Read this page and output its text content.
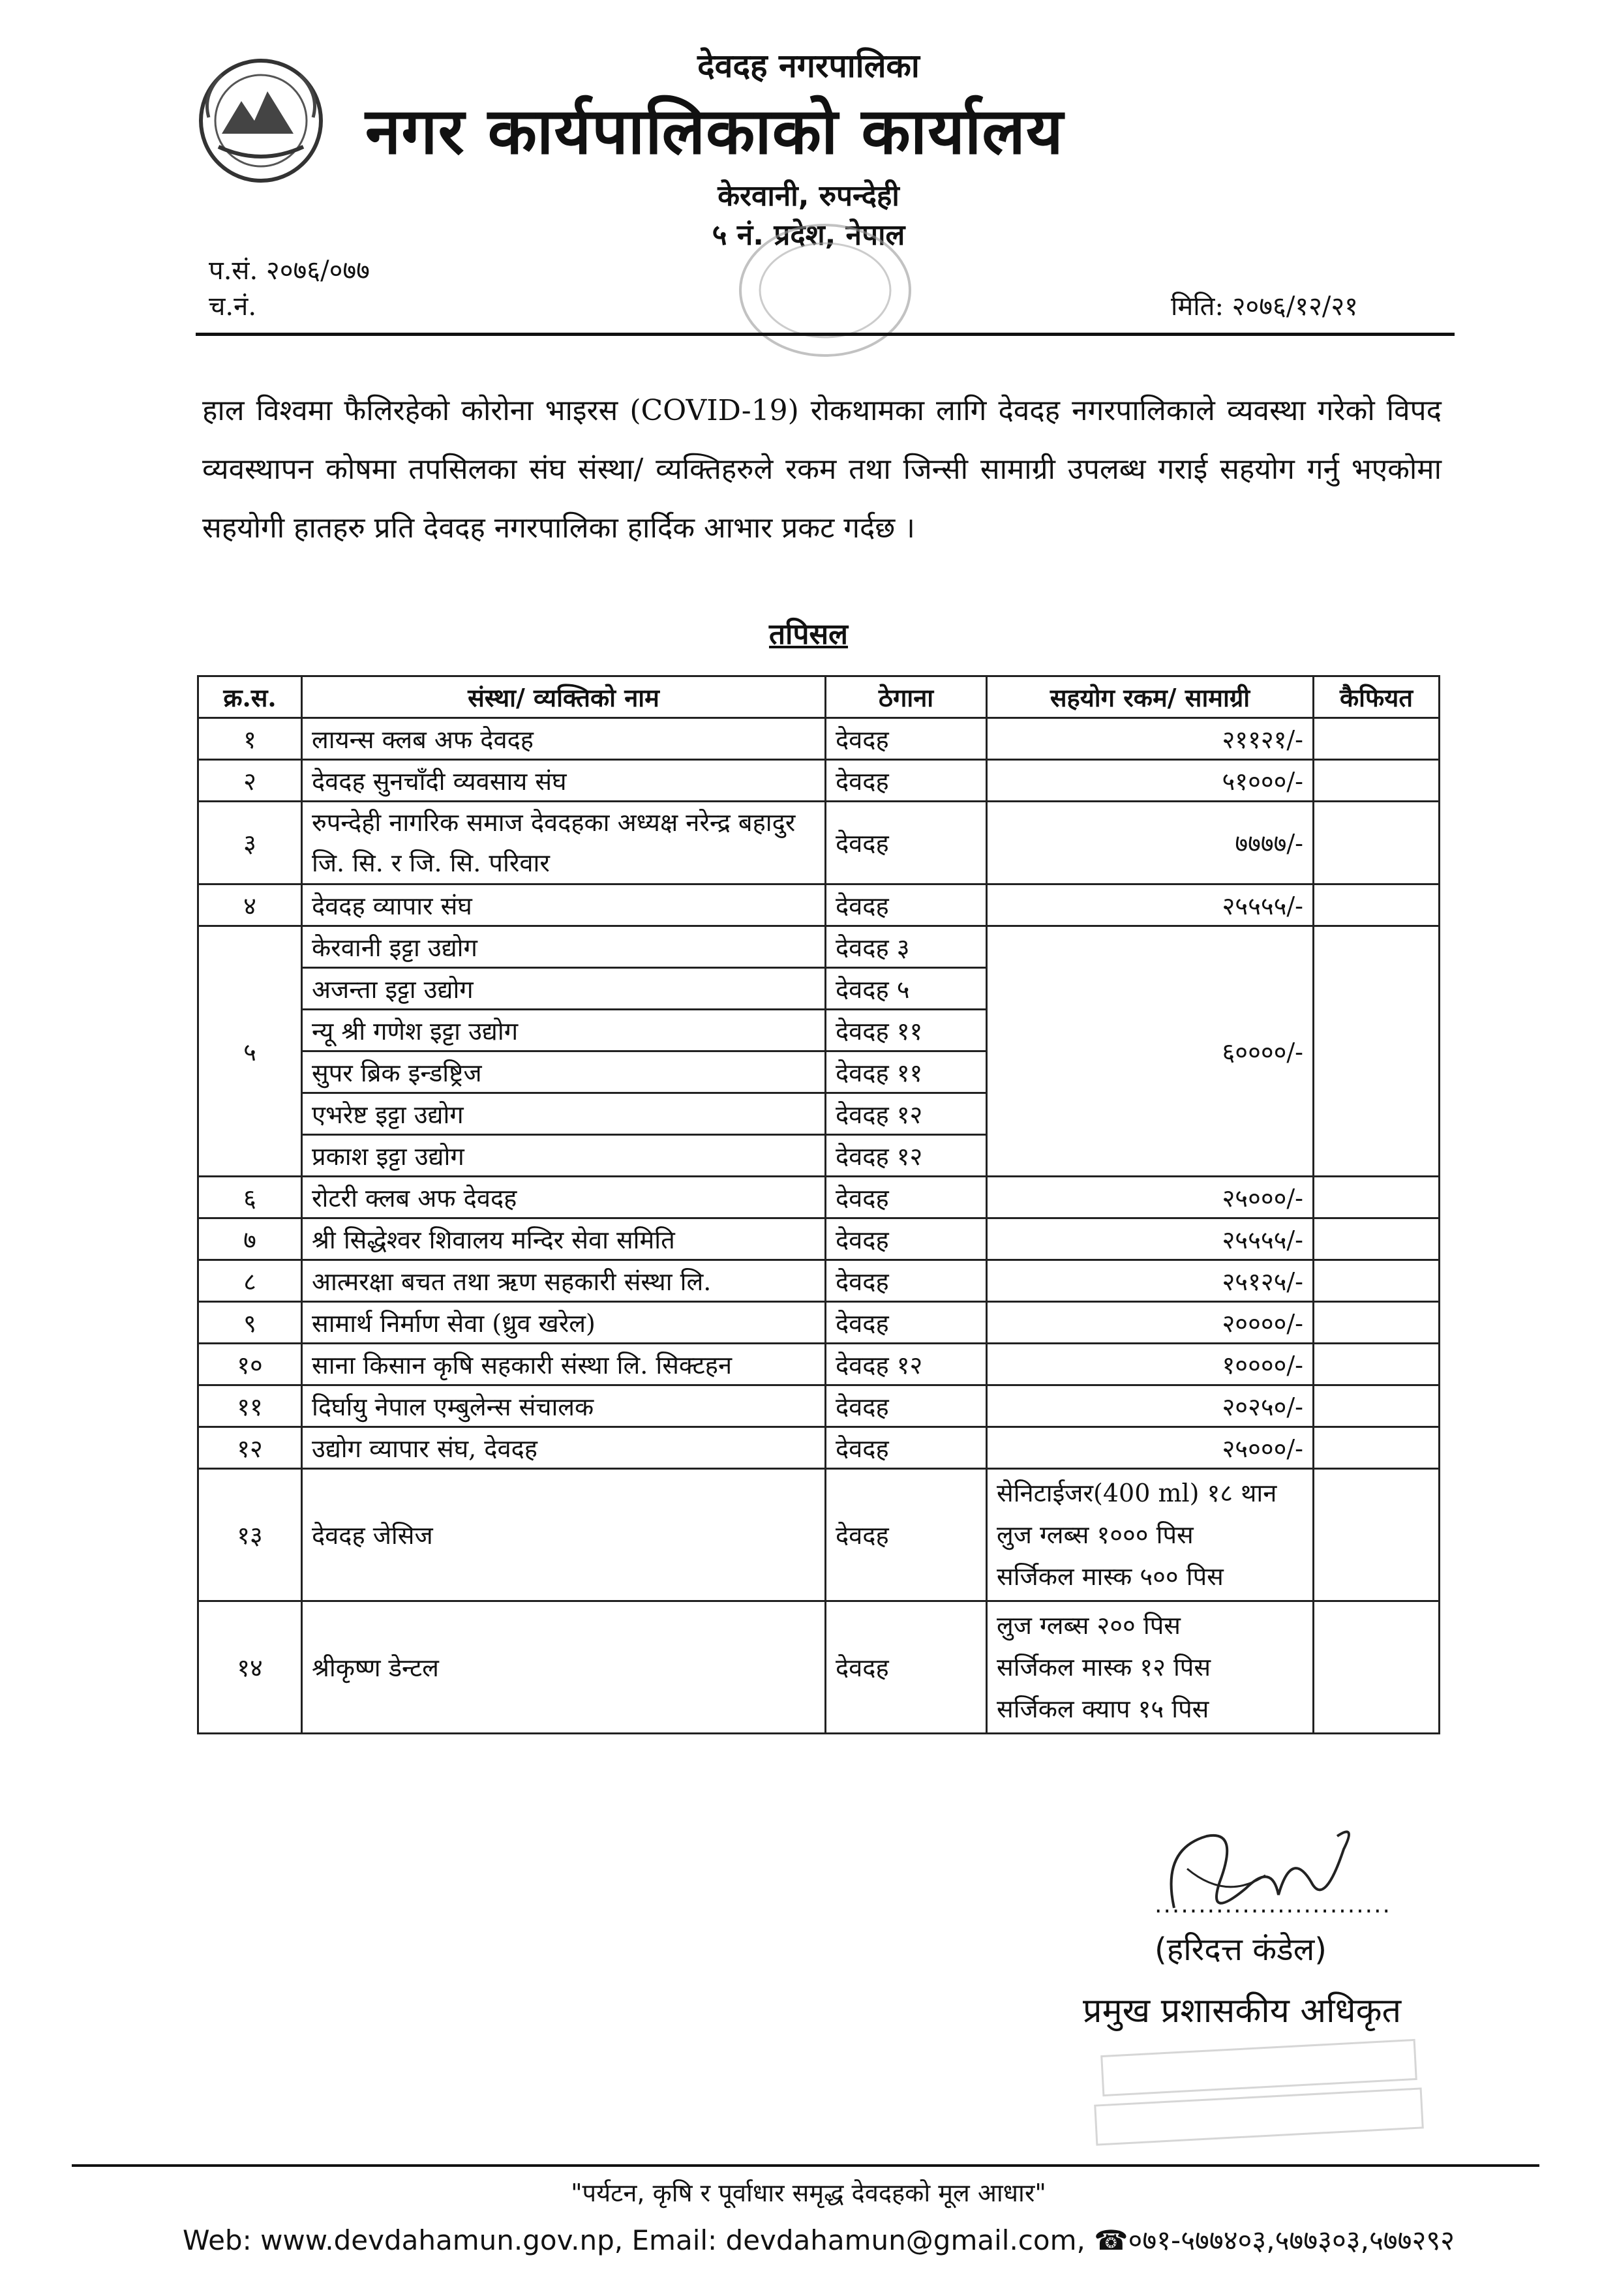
देवदह नगरपालिका
नगर कार्यपालिकाको कार्यालय
केरवानी, रुपन्देही
५ नं. प्रदेश, नेपाल
प.सं. २०७६/०७७
च.नं.	मिति: २०७६/१२/२१
हाल विश्वमा फैलिरहेको कोरोना भाइरस (COVID-19) रोकथामका लागि देवदह नगरपालिकाले व्यवस्था गरेको विपद व्यवस्थापन कोषमा तपसिलका संघ संस्था/ व्यक्तिहरुले रकम तथा जिन्सी सामाग्री उपलब्ध गराई सहयोग गर्नु भएकोमा सहयोगी हातहरु प्रति देवदह नगरपालिका हार्दिक आभार प्रकट गर्दछ ।
तपिसल
क्र.स.	संस्था/ व्यक्तिको नाम	ठेगाना	सहयोग रकम/ सामाग्री	कैफियत
१	लायन्स क्लब अफ देवदह	देवदह	२११२१/-	
२	देवदह सुनचाँदी व्यवसाय संघ	देवदह	५१०००/-	
३	रुपन्देही नागरिक समाज देवदहका अध्यक्ष नरेन्द्र बहादुर जि. सि. र जि. सि. परिवार	देवदह	७७७७/-	
४	देवदह व्यापार संघ	देवदह	२५५५५/-	
५	केरवानी इट्टा उद्योग	देवदह ३	६००००/-	
	अजन्ता इट्टा उद्योग	देवदह ५		
	न्यू श्री गणेश इट्टा उद्योग	देवदह ११		
	सुपर ब्रिक इन्डष्ट्रिज	देवदह ११		
	एभरेष्ट इट्टा उद्योग	देवदह १२		
	प्रकाश इट्टा उद्योग	देवदह १२		
६	रोटरी क्लब अफ देवदह	देवदह	२५०००/-	
७	श्री सिद्धेश्वर शिवालय मन्दिर सेवा समिति	देवदह	२५५५५/-	
८	आत्मरक्षा बचत तथा ऋण सहकारी संस्था लि.	देवदह	२५१२५/-	
९	सामार्थ निर्माण सेवा (ध्रुव खरेल)	देवदह	२००००/-	
१०	साना किसान कृषि सहकारी संस्था लि. सिक्टहन	देवदह १२	१००००/-	
११	दिर्घायु नेपाल एम्बुलेन्स संचालक	देवदह	२०२५०/-	
१२	उद्योग व्यापार संघ, देवदह	देवदह	२५०००/-	
१३	देवदह जेसिज	देवदह	सेनिटाईजर(400 ml) १८ थान
लुज ग्लब्स १००० पिस
सर्जिकल मास्क ५०० पिस	

१४	श्रीकृष्ण डेन्टल	देवदह	लुज ग्लब्स २०० पिस
सर्जिकल मास्क १२ पिस
सर्जिकल क्याप १५ पिस	

...........................
(हरिदत्त कंडेल)
प्रमुख प्रशासकीय अधिकृत
"पर्यटन, कृषि र पूर्वाधार समृद्ध देवदहको मूल आधार"
Web: www.devdahamun.gov.np, Email: devdahamun@gmail.com, ☎०७१-५७७४०३,५७७३०३,५७७२९२
